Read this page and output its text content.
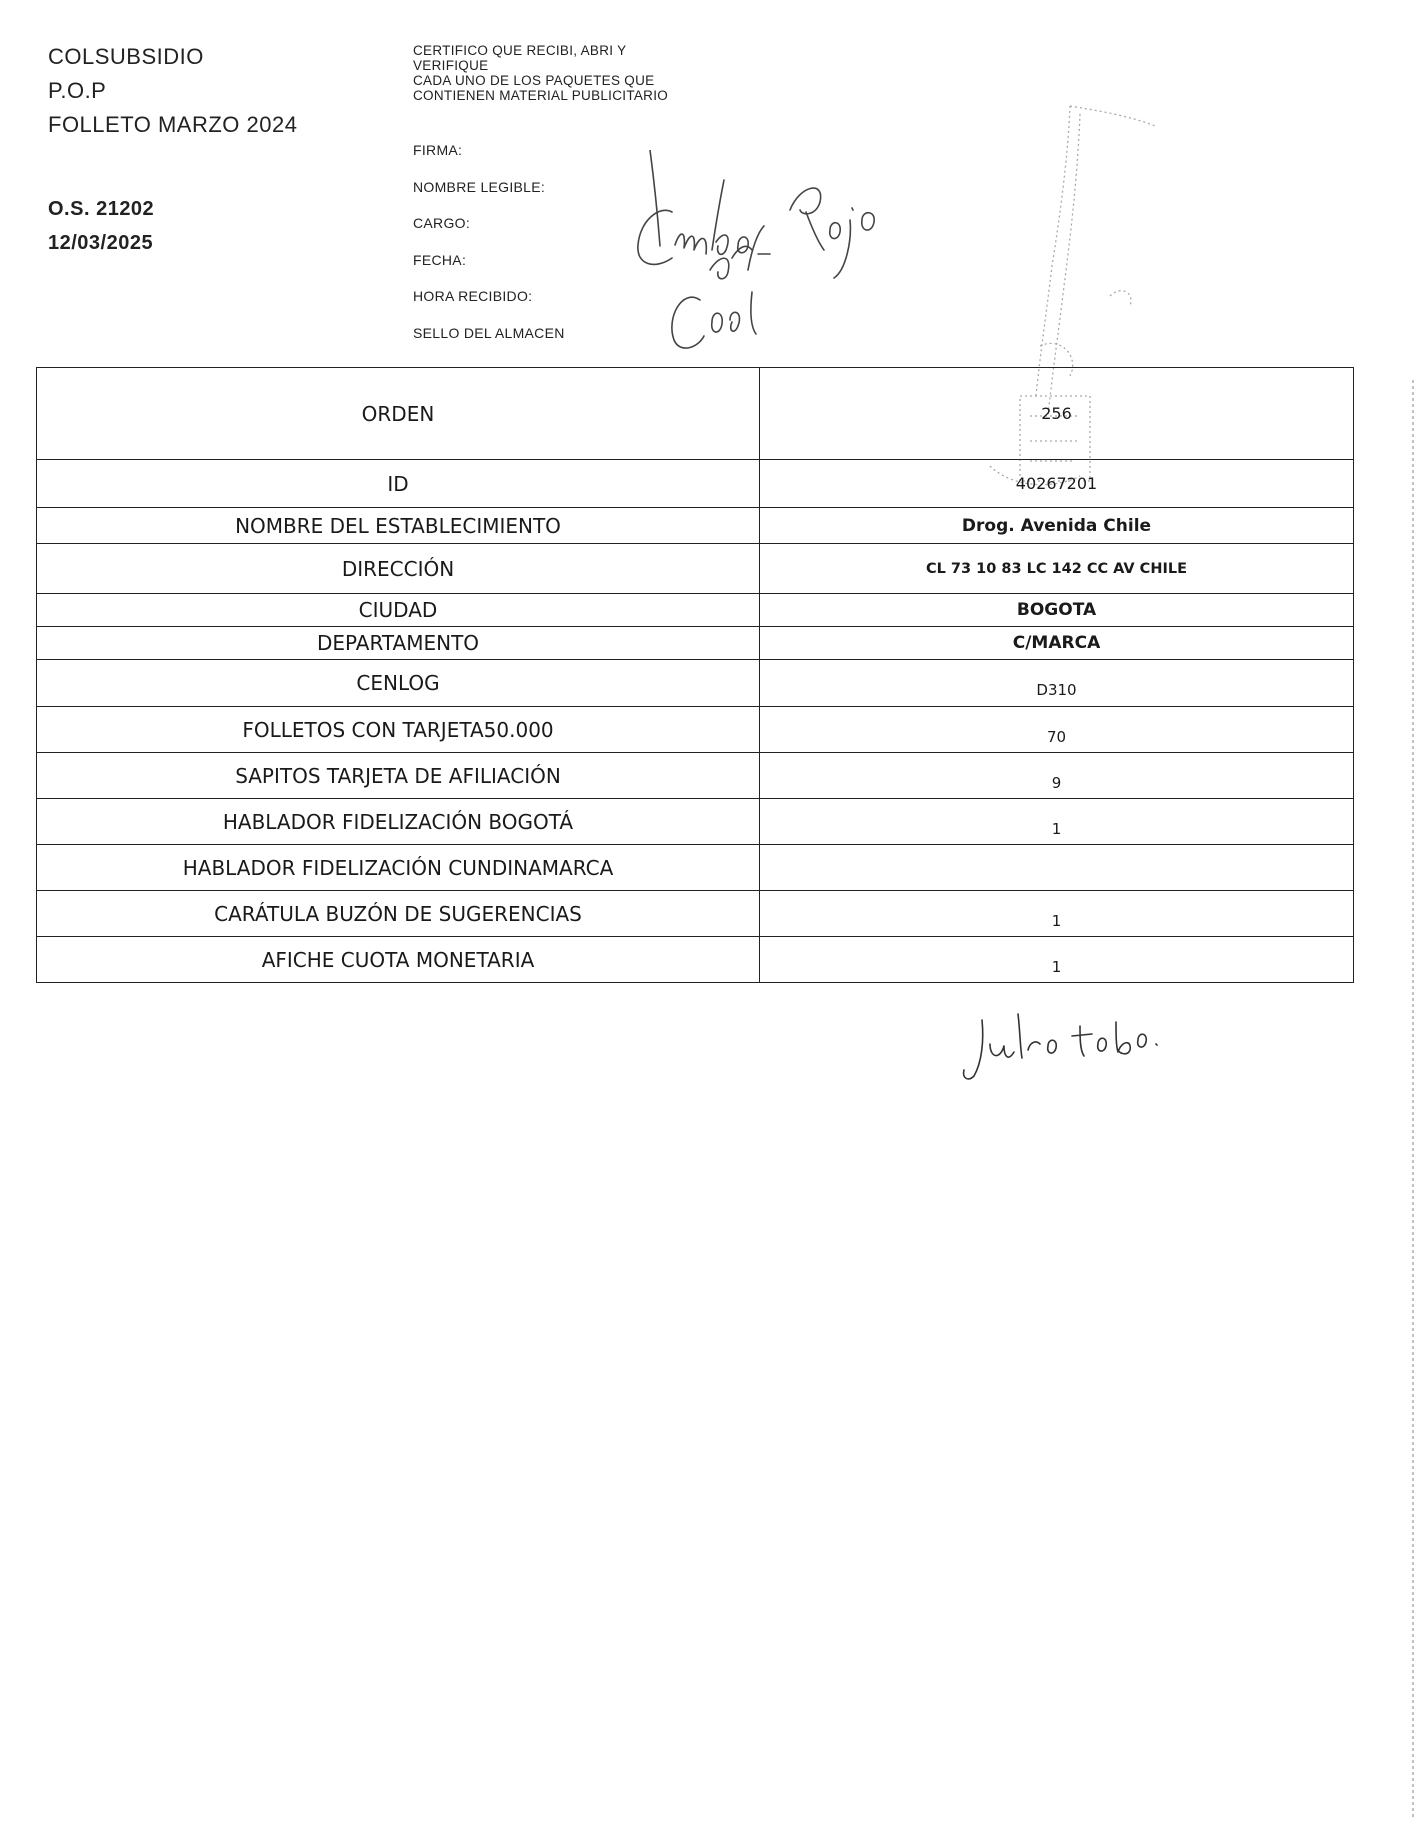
COLSUBSIDIO
P.O.P
FOLLETO MARZO 2024
O.S. 21202
12/03/2025
CERTIFICO QUE RECIBI, ABRI Y
VERIFIQUE
CADA UNO DE LOS PAQUETES QUE
CONTIENEN MATERIAL PUBLICITARIO
FIRMA:
NOMBRE LEGIBLE:
CARGO:
FECHA:
HORA RECIBIDO:
SELLO DEL ALMACEN
ORDEN	256
ID	40267201
NOMBRE DEL ESTABLECIMIENTO	Drog. Avenida Chile
DIRECCIÓN	CL 73 10 83 LC 142 CC AV CHILE
CIUDAD	BOGOTA
DEPARTAMENTO	C/MARCA
CENLOG	D310
FOLLETOS CON TARJETA50.000	70
SAPITOS TARJETA DE AFILIACIÓN	9
HABLADOR FIDELIZACIÓN BOGOTÁ	1
HABLADOR FIDELIZACIÓN CUNDINAMARCA	
CARÁTULA BUZÓN DE SUGERENCIAS	1
AFICHE CUOTA MONETARIA	1
